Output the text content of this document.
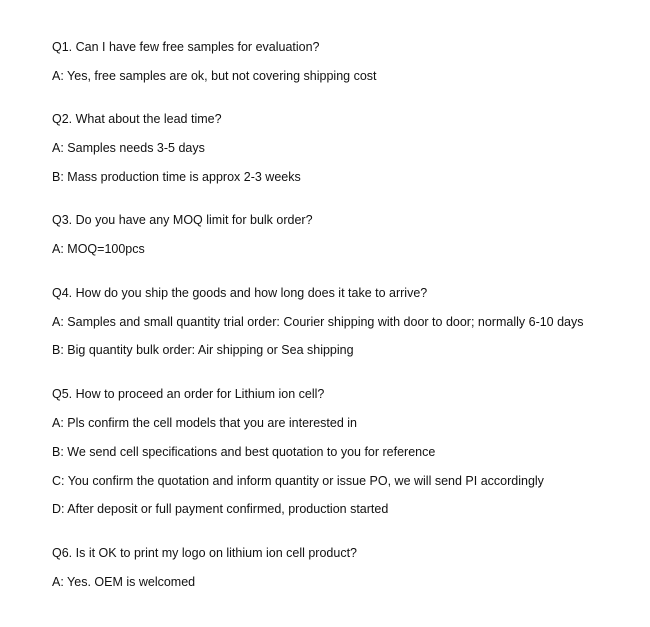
Q1. Can I have few free samples for evaluation?
A: Yes, free samples are ok, but not covering shipping cost
Q2. What about the lead time?
A: Samples needs 3-5 days
B: Mass production time is approx 2-3 weeks
Q3. Do you have any MOQ limit for bulk order?
A: MOQ=100pcs
Q4. How do you ship the goods and how long does it take to arrive?
A: Samples and small quantity trial order: Courier shipping with door to door; normally 6-10 days
B: Big quantity bulk order: Air shipping or Sea shipping
Q5. How to proceed an order for Lithium ion cell?
A: Pls confirm the cell models that you are interested in
B: We send cell specifications and best quotation to you for reference
C: You confirm the quotation and inform quantity or issue PO, we will send PI accordingly
D: After deposit or full payment confirmed, production started
Q6. Is it OK to print my logo on lithium ion cell product?
A: Yes. OEM is welcomed
